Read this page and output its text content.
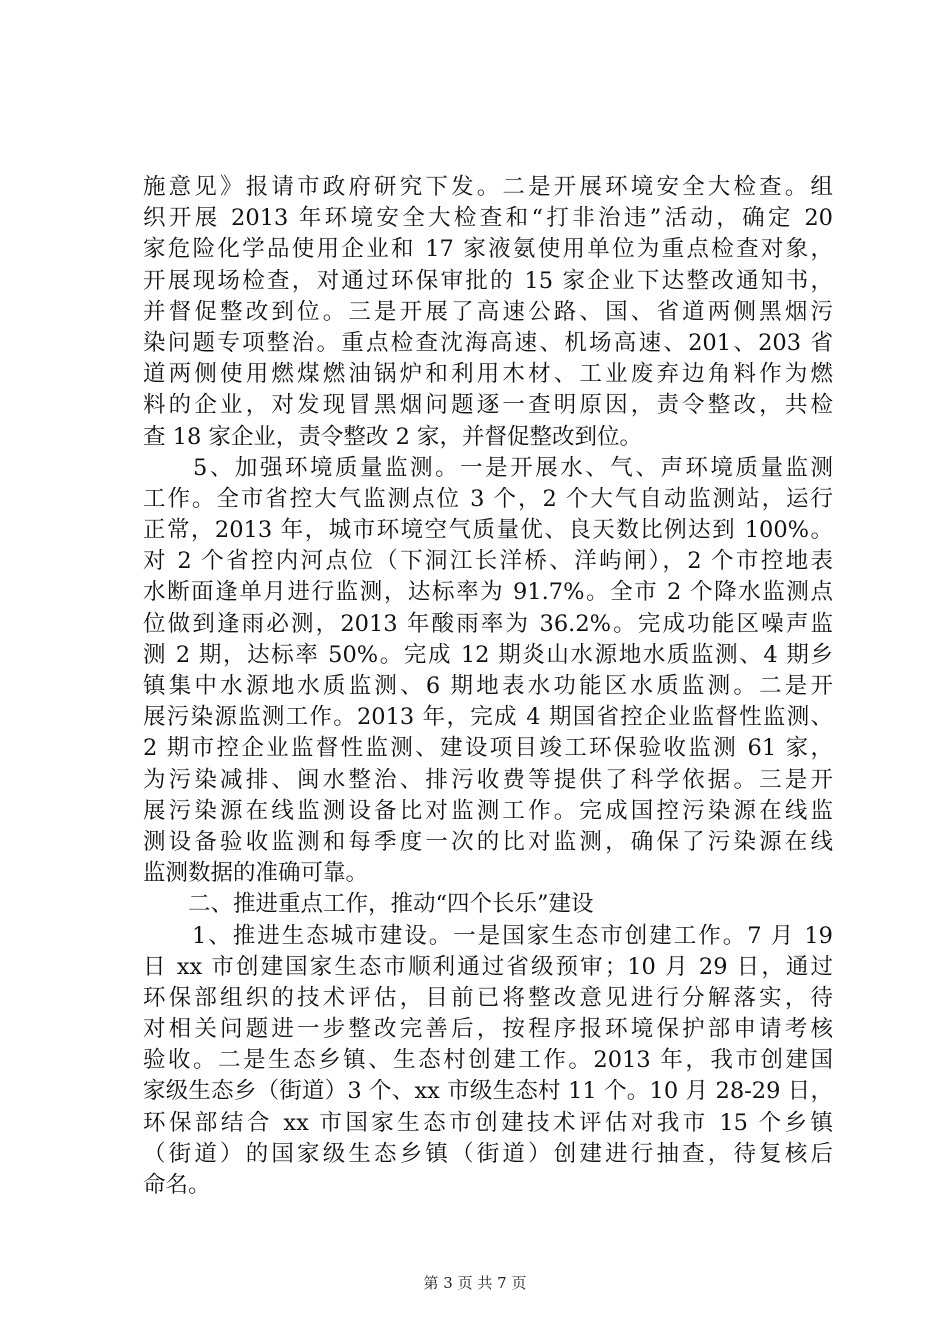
施意见》报请市政府研究下发。二是开展环境安全大检查。组
织开展 2013 年环境安全大检查和“打非治违”活动，确定 20
家危险化学品使用企业和 17 家液氨使用单位为重点检查对象，
开展现场检查，对通过环保审批的 15 家企业下达整改通知书，
并督促整改到位。三是开展了高速公路、国、省道两侧黑烟污
染问题专项整治。重点检查沈海高速、机场高速、201、203 省
道两侧使用燃煤燃油锅炉和利用木材、工业废弃边角料作为燃
料的企业，对发现冒黑烟问题逐一查明原因，责令整改，共检
查 18 家企业，责令整改 2 家，并督促整改到位。
　　5、加强环境质量监测。一是开展水、气、声环境质量监测
工作。全市省控大气监测点位 3 个，2 个大气自动监测站，运行
正常，2013 年，城市环境空气质量优、良天数比例达到 100%。
对 2 个省控内河点位（下洞江长洋桥、洋屿闸），2 个市控地表
水断面逢单月进行监测，达标率为 91.7%。全市 2 个降水监测点
位做到逢雨必测，2013 年酸雨率为 36.2%。完成功能区噪声监
测 2 期，达标率 50%。完成 12 期炎山水源地水质监测、4 期乡
镇集中水源地水质监测、6 期地表水功能区水质监测。二是开
展污染源监测工作。2013 年，完成 4 期国省控企业监督性监测、
2 期市控企业监督性监测、建设项目竣工环保验收监测 61 家，
为污染减排、闽水整治、排污收费等提供了科学依据。三是开
展污染源在线监测设备比对监测工作。完成国控污染源在线监
测设备验收监测和每季度一次的比对监测，确保了污染源在线
监测数据的准确可靠。
　　二、推进重点工作，推动“四个长乐”建设
　　1、推进生态城市建设。一是国家生态市创建工作。7 月 19
日 xx 市创建国家生态市顺利通过省级预审；10 月 29 日，通过
环保部组织的技术评估，目前已将整改意见进行分解落实，待
对相关问题进一步整改完善后，按程序报环境保护部申请考核
验收。二是生态乡镇、生态村创建工作。2013 年，我市创建国
家级生态乡（街道）3 个、xx 市级生态村 11 个。10 月 28-29 日，
环保部结合 xx 市国家生态市创建技术评估对我市 15 个乡镇
（街道）的国家级生态乡镇（街道）创建进行抽查，待复核后
命名。
第 3 页 共 7 页
